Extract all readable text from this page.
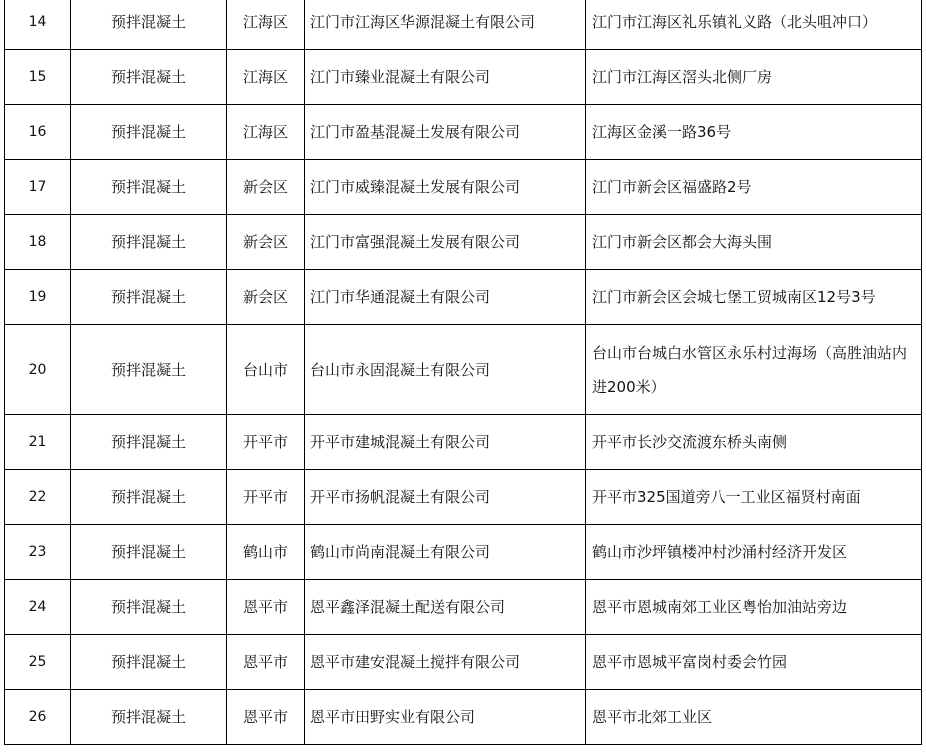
14	预拌混凝土	江海区	江门市江海区华源混凝土有限公司	江门市江海区礼乐镇礼义路（北头咀冲口）
15	预拌混凝土	江海区	江门市臻业混凝土有限公司	江门市江海区滘头北侧厂房
16	预拌混凝土	江海区	江门市盈基混凝土发展有限公司	江海区金溪一路36号
17	预拌混凝土	新会区	江门市威臻混凝土发展有限公司	江门市新会区福盛路2号
18	预拌混凝土	新会区	江门市富强混凝土发展有限公司	江门市新会区都会大海头围
19	预拌混凝土	新会区	江门市华通混凝土有限公司	江门市新会区会城七堡工贸城南区12号3号
20	预拌混凝土	台山市	台山市永固混凝土有限公司	台山市台城白水管区永乐村过海场（高胜油站内进200米）
21	预拌混凝土	开平市	开平市建城混凝土有限公司	开平市长沙交流渡东桥头南侧
22	预拌混凝土	开平市	开平市扬帆混凝土有限公司	开平市325国道旁八一工业区福贤村南面
23	预拌混凝土	鹤山市	鹤山市尚南混凝土有限公司	鹤山市沙坪镇楼冲村沙涌村经济开发区
24	预拌混凝土	恩平市	恩平鑫泽混凝土配送有限公司	恩平市恩城南郊工业区粤怡加油站旁边
25	预拌混凝土	恩平市	恩平市建安混凝土搅拌有限公司	恩平市恩城平富岗村委会竹园
26	预拌混凝土	恩平市	恩平市田野实业有限公司	恩平市北郊工业区
